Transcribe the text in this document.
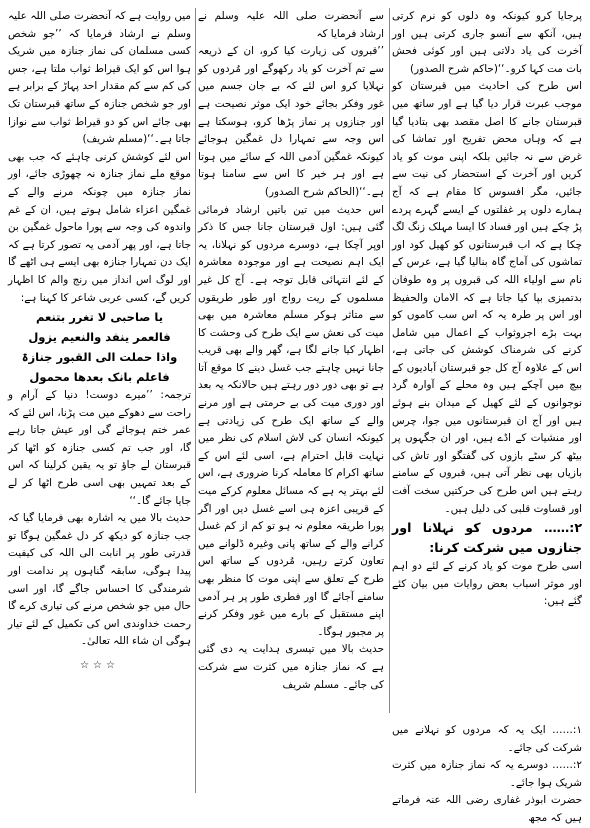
پرجایا کرو کیونکہ وہ دلوں کو نرم کرتی ہیں، آنکھ سے آنسو جاری کرتی ہیں اور آخرت کی یاد دلاتی ہیں اور کوئی فحش بات مت کہا کرو۔‘‘(حاکم شرح الصدور)

اس طرح کی احادیث میں قبرستان کو موجب عبرت قرار دیا گیا ہے اور ساتھ میں قبرستان جانے کا اصل مقصد بھی بتادیا گیا ہے کہ وہاں محض تفریح اور تماشا کی غرض سے نہ جائیں بلکہ اپنی موت کو یاد کریں اور آخرت کے استحضار کی نیت سے جائیں، مگر افسوس کا مقام ہے کہ آج ہمارے دلوں پر غفلتوں کے ایسے گہرے پردے پڑ چکے ہیں اور فساد کا ایسا مہلک زنگ لگ چکا ہے کہ اب قبرستانوں کو کھیل کود اور تماشوں کی آماج گاہ بنالیا گیا ہے، عرس کے نام سے اولیاء اللہ کی قبروں پر وہ طوفان بدتمیزی بپا کیا جاتا ہے کہ الامان والحفیظ اور اس پر طرہ یہ کہ اس سب کاموں کو بہت بڑے اجروثواب کے اعمال میں شامل کرنے کی شرمناک کوشش کی جاتی ہے، اس کے علاوہ آج کل جو قبرستان آبادیوں کے بیچ میں آچکے ہیں وہ محلے کے آوارہ گرد نوجوانوں کے لئے کھیل کے میدان بنے ہوئے ہیں اور آج ان قبرستانوں میں جوا، چرس اور منشیات کے اڈے ہیں، اور ان جگہوں پر بیٹھ کر سٹے بازوں کی گفتگو اور تاش کی بازیاں بھی نظر آتی ہیں، قبروں کے سامنے رہتے ہیں اس طرح کی حرکتیں سخت آفت اور قساوت قلبی کی دلیل ہیں۔

۲:…… مردوں کو نہلانا اور جنازوں میں شرکت کرنا:

اسی طرح موت کو یاد کرنے کے لئے دو اہم اور موثر اسباب بعض روایات میں بیان کئے گئے ہیں:

۱:…… ایک یہ کہ مردوں کو نہلانے میں شرکت کی جائے۔
۲:…… دوسرے یہ کہ نماز جنازہ میں کثرت شریک ہوا جائے۔
حضرت ابوذر غفاری رضی اللہ عنہ فرماتے ہیں کہ مجھ

سے آنحضرت صلی اللہ علیہ وسلم نے ارشاد فرمایا کہ

’’قبروں کی زیارت کیا کرو، ان کے ذریعہ سے تم آخرت کو یاد رکھوگے اور مُردوں کو نہلایا کرو اس لئے کہ بے جان جسم میں غور وفکر بجائے خود ایک موثر نصیحت ہے اور جنازوں پر نماز پڑھا کرو، ہوسکتا ہے اس وجہ سے تمہارا دل غمگین ہوجائے کیونکہ غمگین آدمی اللہ کے سائے میں ہوتا ہے اور ہر خیر کا اس سے سامنا ہوتا ہے۔‘‘(الحاکم شرح الصدور)

اس حدیث میں تین باتیں ارشاد فرمائی گئی ہیں: اول قبرستان جانا جس کا ذکر اوپر آچکا ہے، دوسرے مردوں کو نہلانا، یہ ایک اہم نصیحت ہے اور موجودہ معاشرہ کے لئے انتہائی قابل توجہ ہے۔ آج کل غیر مسلموں کے ریت رواج اور طور طریقوں سے متاثر ہوکر مسلم معاشرہ میں بھی میت کی نعش سے ایک طرح کی وحشت کا اظہار کیا جانے لگا ہے، گھر والے بھی قریب جانا نہیں چاہتے جب غسل دینے کا موقع آتا ہے تو بھی دور دور رہتے ہیں حالانکہ یہ بعد اور دوری میت کی بے حرمتی ہے اور مرنے والے کے ساتھ ایک طرح کی زیادتی ہے کیونکہ انسان کی لاش اسلام کی نظر میں نہایت قابل احترام ہے، اسی لئے اس کے ساتھ اکرام کا معاملہ کرنا ضروری ہے، اس لئے بہتر یہ ہے کہ مسائل معلوم کرکے میت کے قریبی اعزہ ہی اسے غسل دیں اور اگر پورا طریقہ معلوم نہ ہو تو کم از کم غسل کرانے والے کے ساتھ پانی وغیرہ ڈلوانے میں تعاون کرتے رہیں، مُردوں کے ساتھ اس طرح کے تعلق سے اپنی موت کا منظر بھی سامنے آجائے گا اور فطری طور پر ہر آدمی اپنے مستقبل کے بارے میں غور وفکر کرنے پر مجبور ہوگا۔

حدیث بالا میں تیسری ہدایت یہ دی گئی ہے کہ نماز جنازہ میں کثرت سے شرکت کی جائے۔ مسلم شریف

میں روایت ہے کہ آنحضرت صلی اللہ علیہ وسلم نے ارشاد فرمایا کہ ’’جو شخص کسی مسلمان کی نماز جنازہ میں شریک ہوا اس کو ایک قیراط ثواب ملتا ہے، جس کی کم سے کم مقدار احد پہاڑ کے برابر ہے اور جو شخص جنازہ کے ساتھ قبرستان تک بھی جائے اس کو دو قیراط ثواب سے نوازا جاتا ہے۔‘‘(مسلم شریف)

اس لئے کوشش کرنی چاہئے کہ جب بھی موقع ملے نماز جنازہ نہ چھوڑی جائے، اور نماز جنازہ میں چونکہ مرنے والے کے غمگین اعزاء شامل ہوتے ہیں، ان کے غم واندوہ کی وجہ سے پورا ماحول غمگین بن جاتا ہے، اور پھر آدمی یہ تصور کرتا ہے کہ ایک دن تمہارا جنازہ بھی ایسے ہی اٹھے گا اور لوگ اس انداز میں رنج والم کا اظہار کریں گے، کسی عربی شاعر کا کہنا ہے:

یا صاحبی لا تغرر بتنعم
فالعمر ینفد والنعیم یزول
واذا حملت الی القبور جنازۃ
فاعلم بانک بعدھا محمول

ترجمہ: ’’میرے دوست! دنیا کے آرام و راحت سے دھوکے میں مت پڑنا، اس لئے کہ عمر ختم ہوجائے گی اور عیش جاتا رہے گا، اور جب تم کسی جنازہ کو اٹھا کر قبرستان لے جاؤ تو یہ یقین کرلینا کہ اس کے بعد تمہیں بھی اسی طرح اٹھا کر لے جایا جائے گا۔‘‘

حدیث بالا میں یہ اشارہ بھی فرمایا گیا کہ جب جنازہ کو دیکھ کر دل غمگین ہوگا تو قدرتی طور پر انابت الی اللہ کی کیفیت پیدا ہوگی، سابقہ گناہوں پر ندامت اور شرمندگی کا احساس جاگے گا، اور اسی حال میں جو شخص مرنے کی تیاری کرے گا رحمت خداوندی اس کی تکمیل کے لئے تیار ہوگی ان شاء اللہ تعالیٰ۔

☆☆☆
